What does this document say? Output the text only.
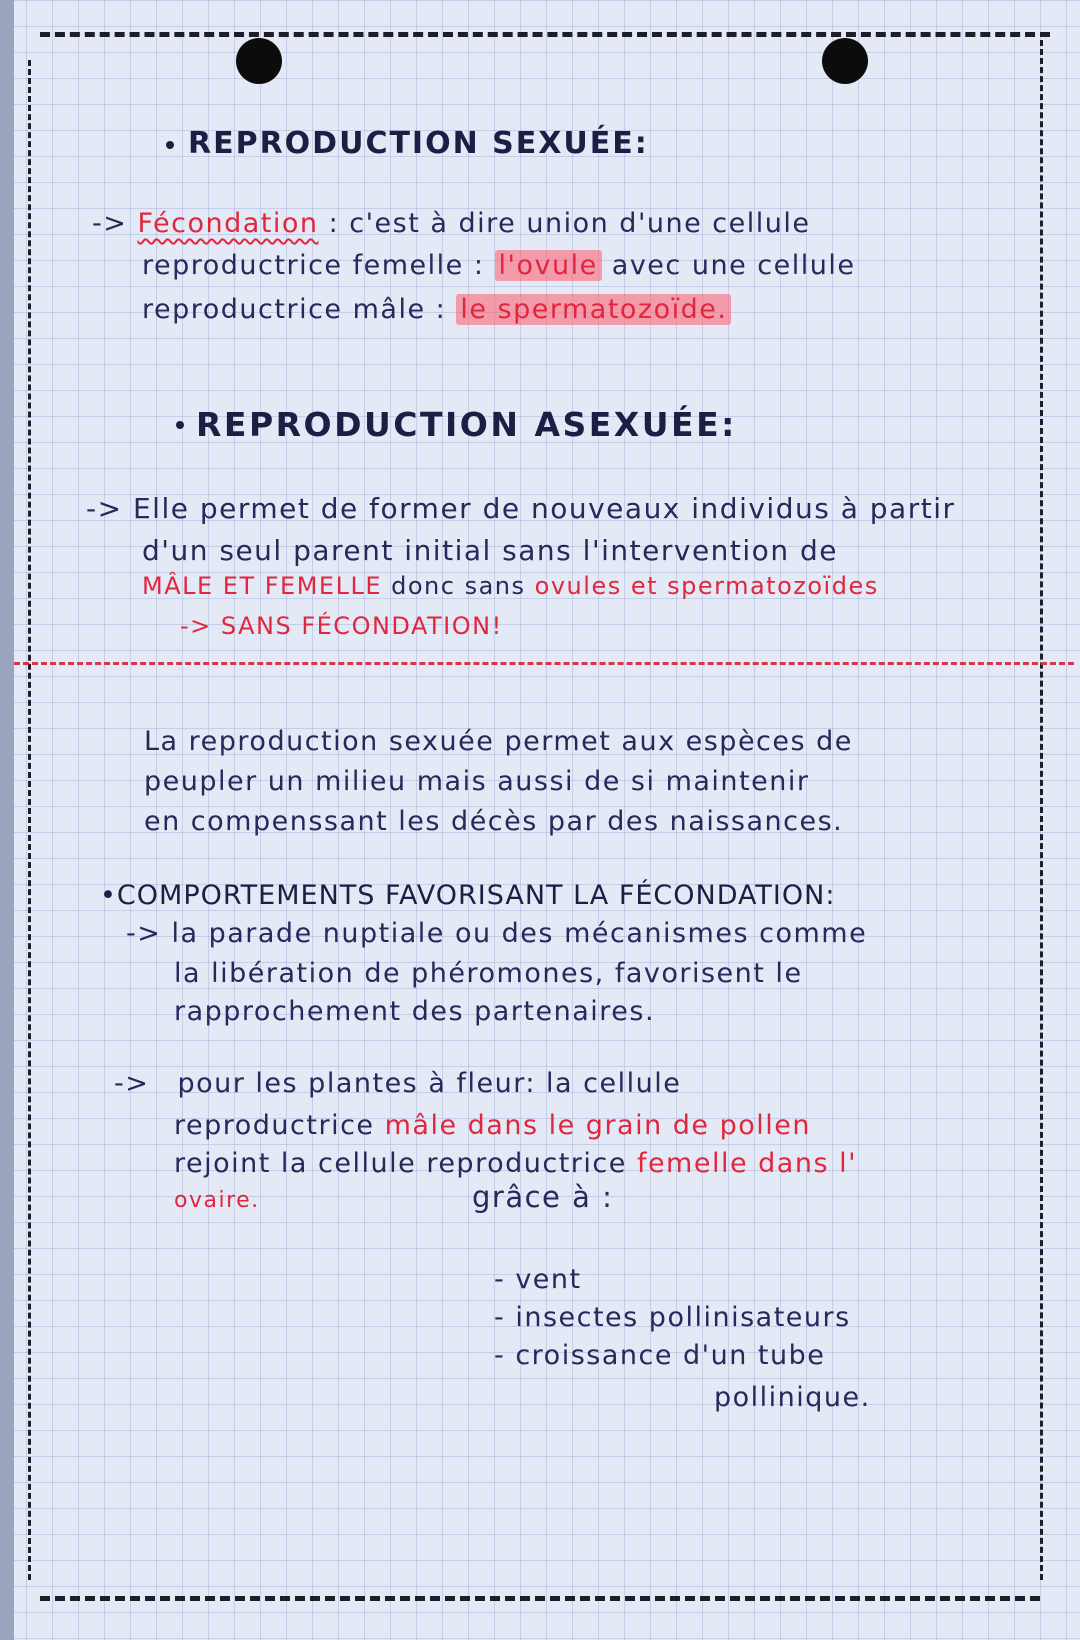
REPRODUCTION SEXUÉE:
-> Fécondation : c'est à dire union d'une cellule
reproductrice femelle : l'ovule avec une cellule
reproductrice mâle : le spermatozoïde.
REPRODUCTION ASEXUÉE:
-> Elle permet de former de nouveaux individus à partir
d'un seul parent initial sans l'intervention de
MÂLE ET FEMELLE donc sans ovules et spermatozoïdes
-> SANS FÉCONDATION!
La reproduction sexuée permet aux espèces de
peupler un milieu mais aussi de si maintenir
en compenssant les décès par des naissances.
•COMPORTEMENTS FAVORISANT LA FÉCONDATION:
-> la parade nuptiale ou des mécanismes comme
la libération de phéromones, favorisent le
rapprochement des partenaires.
-> pour les plantes à fleur: la cellule
reproductrice mâle dans le grain de pollen
rejoint la cellule reproductrice femelle dans l'
ovaire.	grâce à :
- vent
- insectes pollinisateurs
- croissance d'un tube
pollinique.
